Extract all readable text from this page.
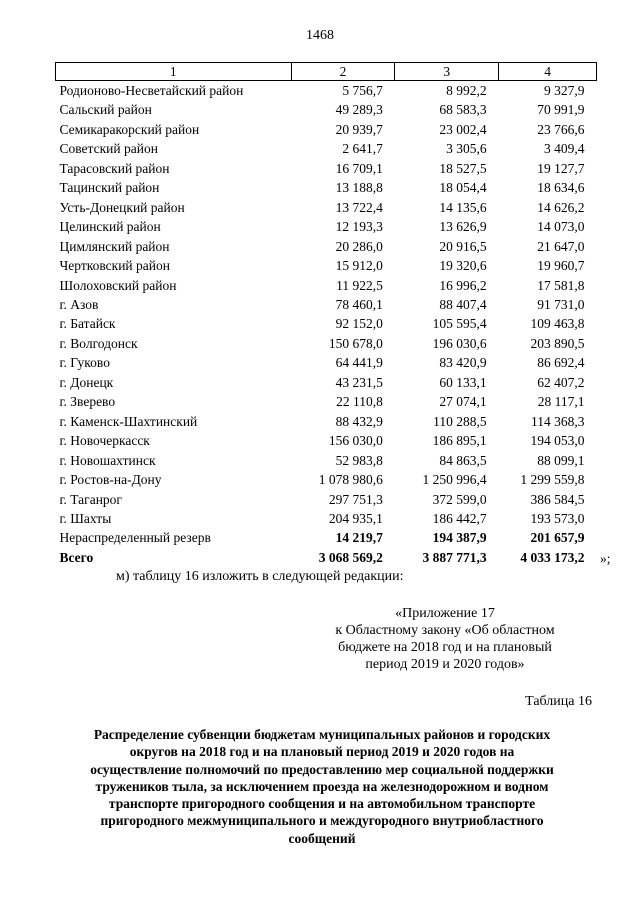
1468
1	2	3	4
Родионово-Несветайский район	5 756,7	8 992,2	9 327,9
Сальский район	49 289,3	68 583,3	70 991,9
Семикаракорский район	20 939,7	23 002,4	23 766,6
Советский район	2 641,7	3 305,6	3 409,4
Тарасовский район	16 709,1	18 527,5	19 127,7
Тацинский район	13 188,8	18 054,4	18 634,6
Усть-Донецкий район	13 722,4	14 135,6	14 626,2
Целинский район	12 193,3	13 626,9	14 073,0
Цимлянский район	20 286,0	20 916,5	21 647,0
Чертковский район	15 912,0	19 320,6	19 960,7
Шолоховский район	11 922,5	16 996,2	17 581,8
г. Азов	78 460,1	88 407,4	91 731,0
г. Батайск	92 152,0	105 595,4	109 463,8
г. Волгодонск	150 678,0	196 030,6	203 890,5
г. Гуково	64 441,9	83 420,9	86 692,4
г. Донецк	43 231,5	60 133,1	62 407,2
г. Зверево	22 110,8	27 074,1	28 117,1
г. Каменск-Шахтинский	88 432,9	110 288,5	114 368,3
г. Новочеркасск	156 030,0	186 895,1	194 053,0
г. Новошахтинск	52 983,8	84 863,5	88 099,1
г. Ростов-на-Дону	1 078 980,6	1 250 996,4	1 299 559,8
г. Таганрог	297 751,3	372 599,0	386 584,5
г. Шахты	204 935,1	186 442,7	193 573,0
Нераспределенный резерв	14 219,7	194 387,9	201 657,9
Всего	3 068 569,2	3 887 771,3	4 033 173,2 »;
м) таблицу 16 изложить в следующей редакции:
«Приложение 17
к Областному закону «Об областном
бюджете на 2018 год и на плановый
период 2019 и 2020 годов»
Таблица 16
Распределение субвенции бюджетам муниципальных районов и городских
округов на 2018 год и на плановый период 2019 и 2020 годов на
осуществление полномочий по предоставлению мер социальной поддержки
тружеников тыла, за исключением проезда на железнодорожном и водном
транспорте пригородного сообщения и на автомобильном транспорте
пригородного межмуниципального и междугородного внутриобластного
сообщений
